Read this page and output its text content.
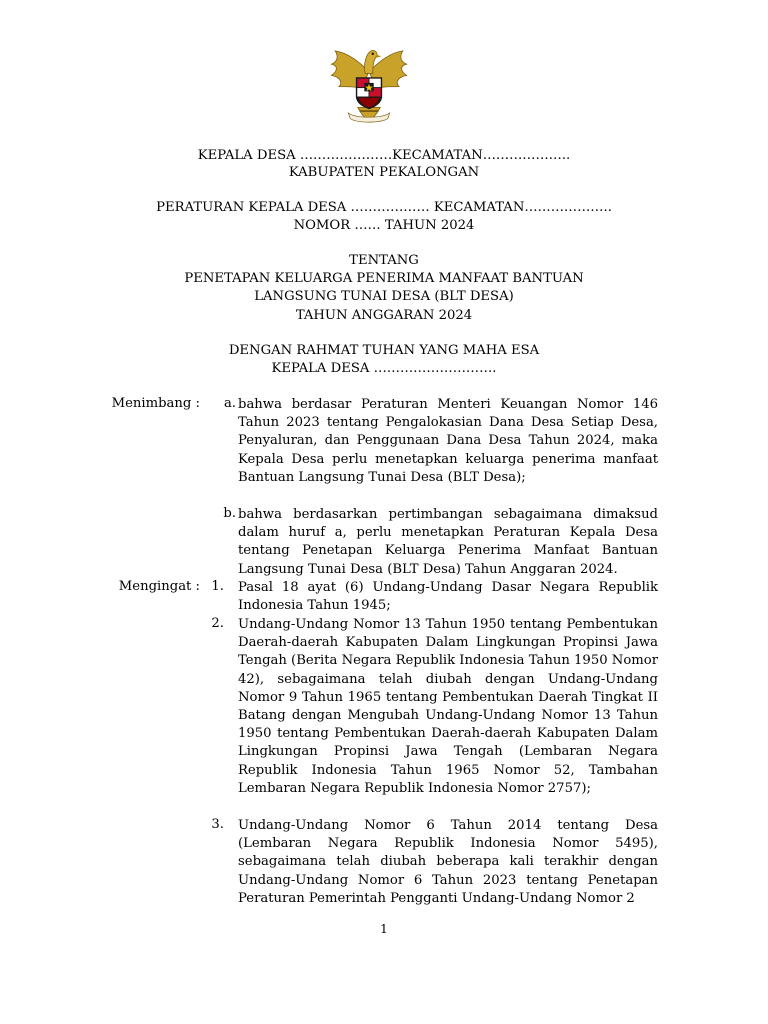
KEPALA DESA …………………KECAMATAN………………..
KABUPATEN PEKALONGAN
PERATURAN KEPALA DESA ……………… KECAMATAN………………..
NOMOR …… TAHUN 2024
TENTANG
PENETAPAN KELUARGA PENERIMA MANFAAT BANTUAN
LANGSUNG TUNAI DESA (BLT DESA)
TAHUN ANGGARAN 2024
DENGAN RAHMAT TUHAN YANG MAHA ESA
KEPALA DESA ……………………….
Menimbang :	a. bahwa berdasar Peraturan Menteri Keuangan Nomor 146 Tahun 2023 tentang Pengalokasian Dana Desa Setiap Desa, Penyaluran, dan Penggunaan Dana Desa Tahun 2024, maka Kepala Desa perlu menetapkan keluarga penerima manfaat Bantuan Langsung Tunai Desa (BLT Desa);

b. bahwa berdasarkan pertimbangan sebagaimana dimaksud dalam huruf a, perlu menetapkan Peraturan Kepala Desa tentang Penetapan Keluarga Penerima Manfaat Bantuan Langsung Tunai Desa (BLT Desa) Tahun Anggaran 2024.

Mengingat : 1. Pasal 18 ayat (6) Undang-Undang Dasar Negara Republik Indonesia Tahun 1945;

2. Undang-Undang Nomor 13 Tahun 1950 tentang Pembentukan Daerah-daerah Kabupaten Dalam Lingkungan Propinsi Jawa Tengah (Berita Negara Republik Indonesia Tahun 1950 Nomor 42), sebagaimana telah diubah dengan Undang-Undang Nomor 9 Tahun 1965 tentang Pembentukan Daerah Tingkat II Batang dengan Mengubah Undang-Undang Nomor 13 Tahun 1950 tentang Pembentukan Daerah-daerah Kabupaten Dalam Lingkungan Propinsi Jawa Tengah (Lembaran Negara Republik Indonesia Tahun 1965 Nomor 52, Tambahan Lembaran Negara Republik Indonesia Nomor 2757);

3. Undang-Undang Nomor 6 Tahun 2014 tentang Desa (Lembaran Negara Republik Indonesia Nomor 5495), sebagaimana telah diubah beberapa kali terakhir dengan Undang-Undang Nomor 6 Tahun 2023 tentang Penetapan Peraturan Pemerintah Pengganti Undang-Undang Nomor 2

1
